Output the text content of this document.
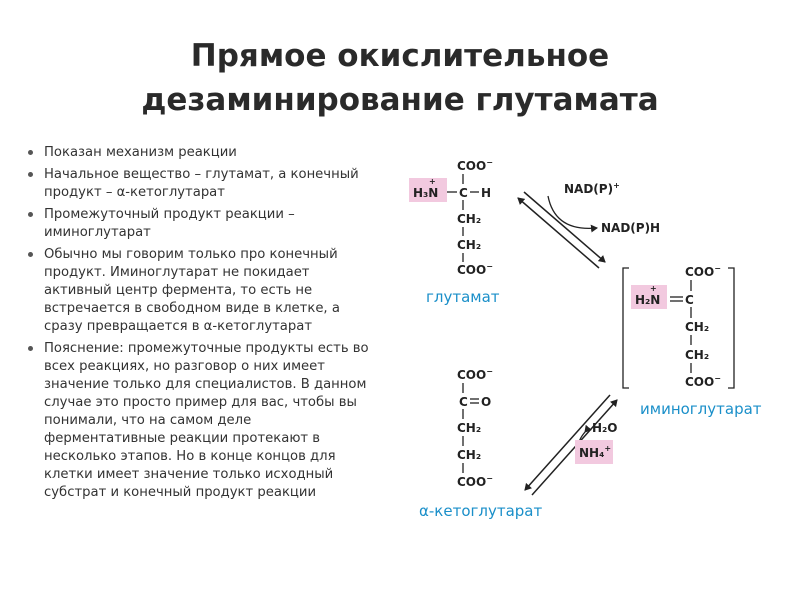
Прямое окислительное
дезаминирование глутамата
Показан механизм реакции
Начальное вещество – глутамат, а конечный продукт – α-кетоглутарат
Промежуточный продукт реакции – иминоглутарат
Обычно мы говорим только про конечный продукт. Иминоглутарат не покидает активный центр фермента, то есть не встречается в свободном виде в клетке, а сразу превращается в α-кетоглутарат
Пояснение: промежуточные продукты есть во всех реакциях, но разговор о них имеет значение только для специалистов. В данном случае это просто пример для вас, чтобы вы понимали, что на самом деле ферментативные реакции протекают в несколько этапов. Но в конце концов для клетки имеет значение только исходный субстрат и конечный продукт реакции
COO−
+
H₃N C H
CH₂
CH₂
COO−
глутамат
NAD(P)+
NAD(P)H
COO−
+
H₂N C
CH₂
CH₂
COO−
иминоглутарат
H₂O
NH₄+
COO−
C O
CH₂
CH₂
COO−
α-кетоглутарат
